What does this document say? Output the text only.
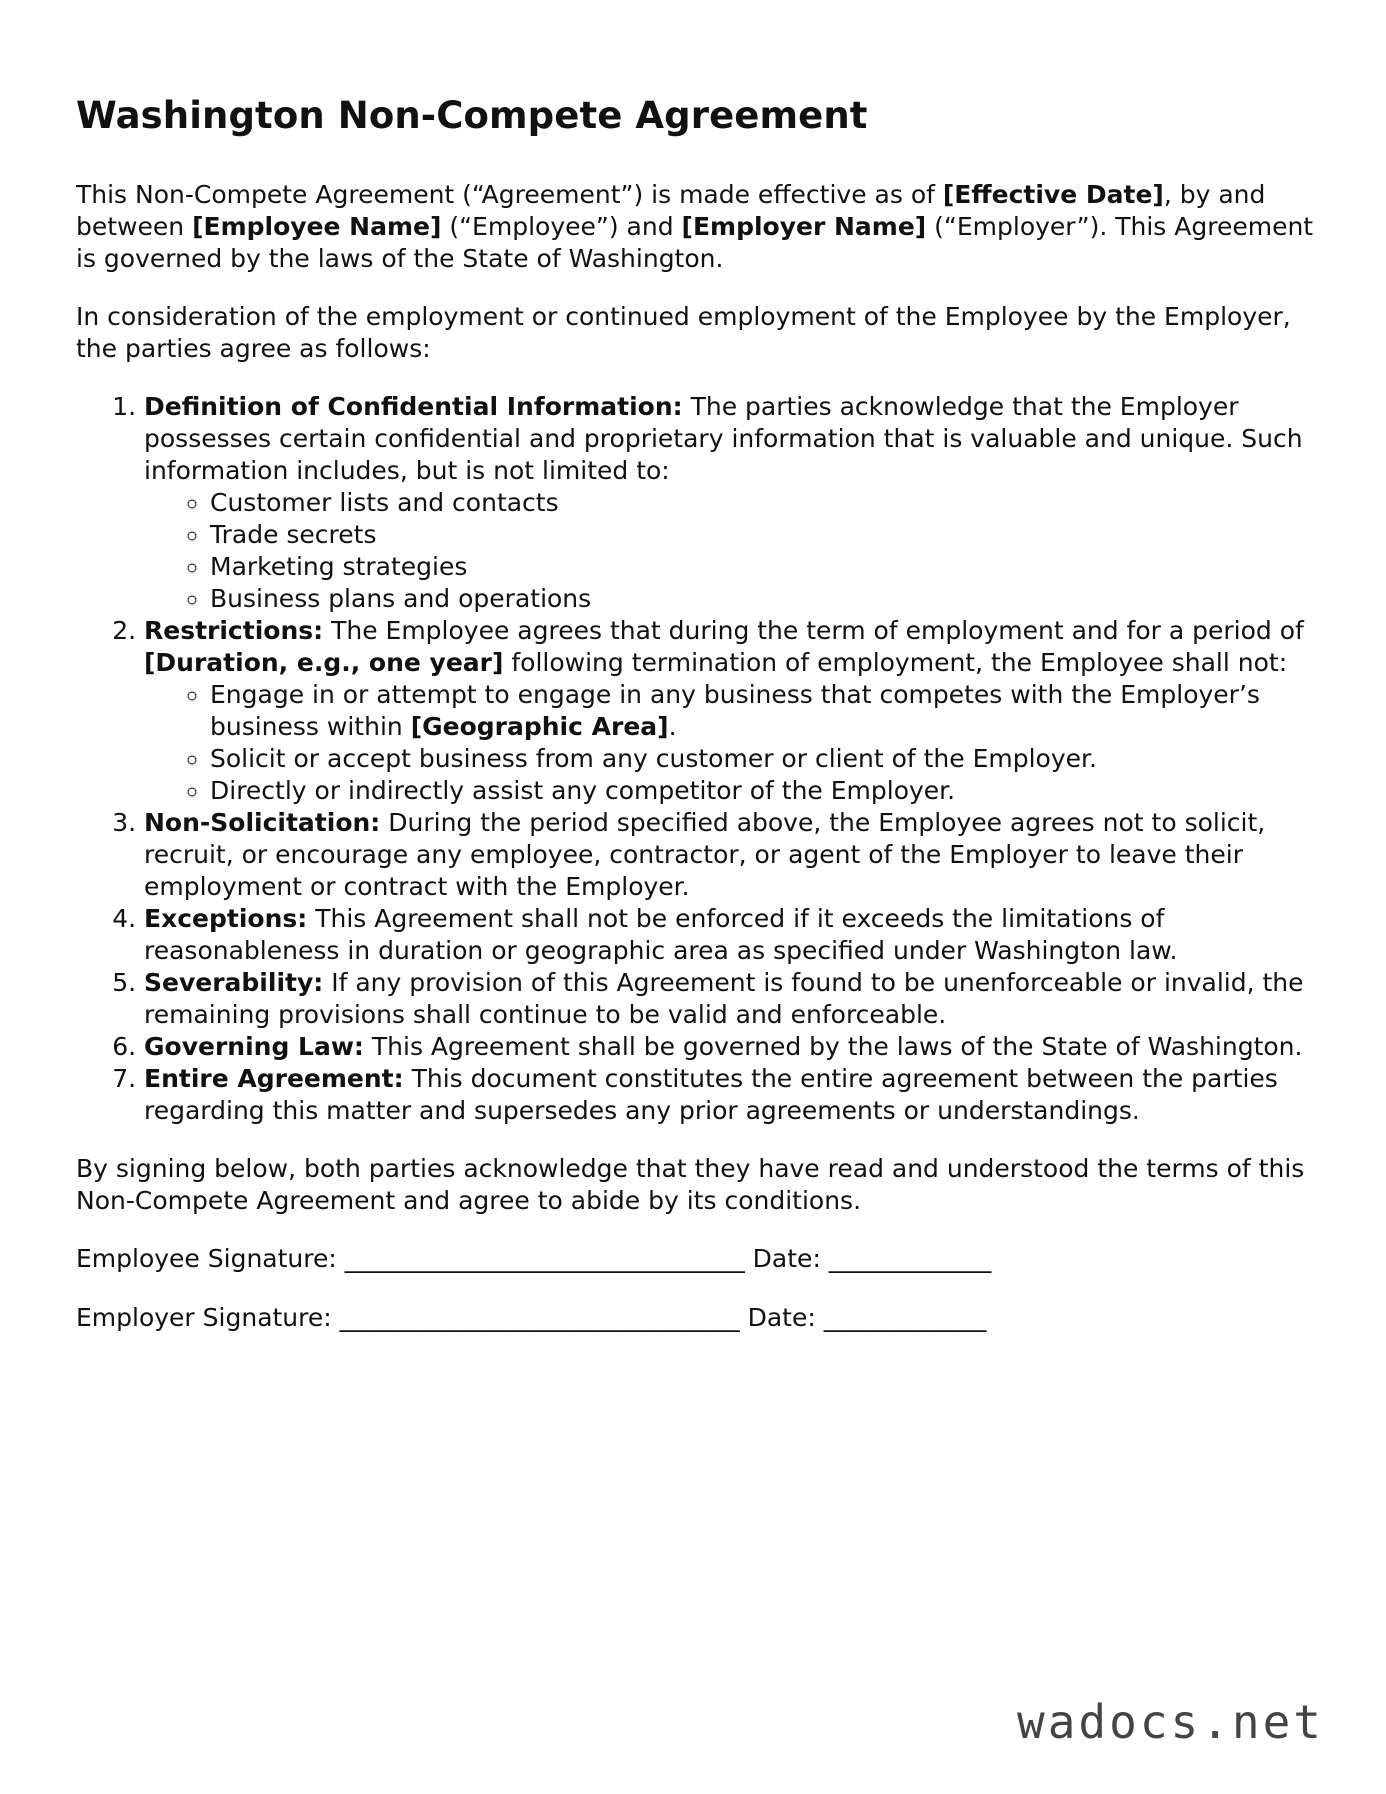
Washington Non-Compete Agreement

This Non-Compete Agreement (“Agreement”) is made effective as of [Effective Date], by and between [Employee Name] (“Employee”) and [Employer Name] (“Employer”). This Agreement is governed by the laws of the State of Washington.

In consideration of the employment or continued employment of the Employee by the Employer, the parties agree as follows:

1. Definition of Confidential Information: The parties acknowledge that the Employer possesses certain confidential and proprietary information that is valuable and unique. Such information includes, but is not limited to:
◦ Customer lists and contacts
◦ Trade secrets
◦ Marketing strategies
◦ Business plans and operations
2. Restrictions: The Employee agrees that during the term of employment and for a period of [Duration, e.g., one year] following termination of employment, the Employee shall not:
◦ Engage in or attempt to engage in any business that competes with the Employer’s business within [Geographic Area].
◦ Solicit or accept business from any customer or client of the Employer.
◦ Directly or indirectly assist any competitor of the Employer.
3. Non-Solicitation: During the period specified above, the Employee agrees not to solicit, recruit, or encourage any employee, contractor, or agent of the Employer to leave their employment or contract with the Employer.
4. Exceptions: This Agreement shall not be enforced if it exceeds the limitations of reasonableness in duration or geographic area as specified under Washington law.
5. Severability: If any provision of this Agreement is found to be unenforceable or invalid, the remaining provisions shall continue to be valid and enforceable.
6. Governing Law: This Agreement shall be governed by the laws of the State of Washington.
7. Entire Agreement: This document constitutes the entire agreement between the parties regarding this matter and supersedes any prior agreements or understandings.

By signing below, both parties acknowledge that they have read and understood the terms of this Non-Compete Agreement and agree to abide by its conditions.

Employee Signature: ________________________________ Date: _____________
Employer Signature: ________________________________ Date: _____________
wadocs.net
